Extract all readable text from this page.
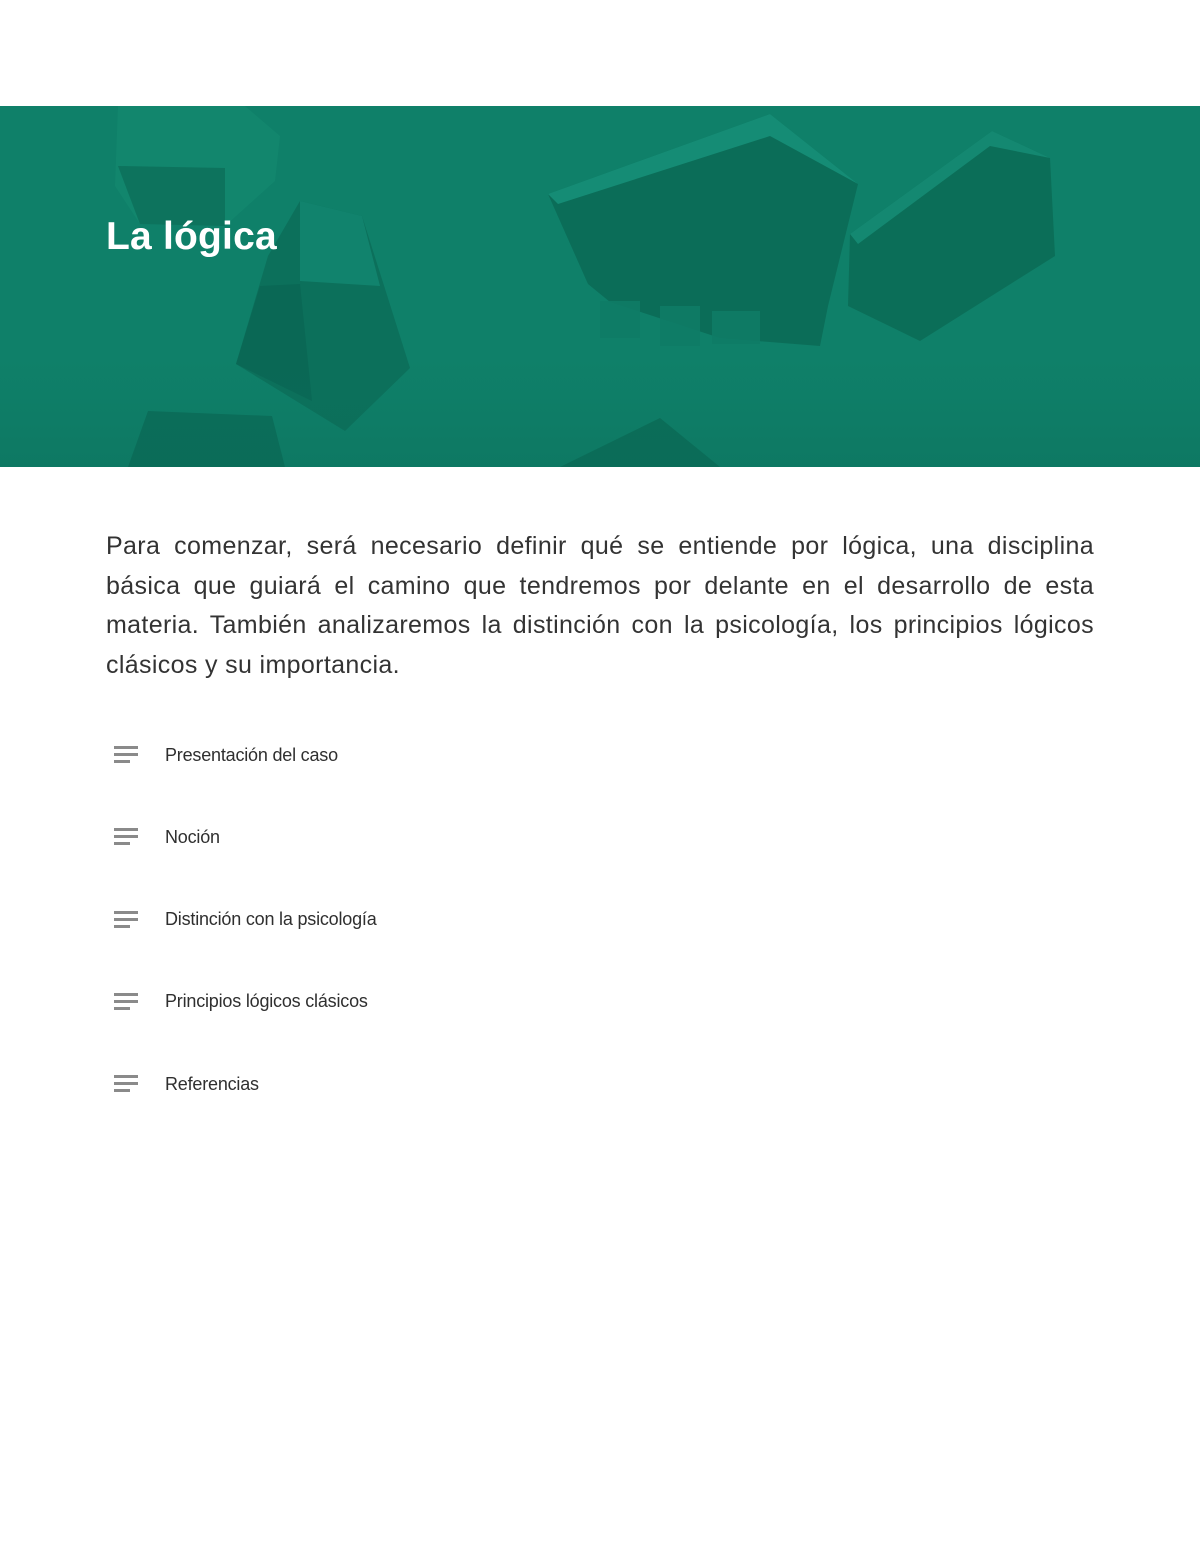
La lógica

Para comenzar, será necesario definir qué se entiende por lógica, una disciplina básica que guiará el camino que tendremos por delante en el desarrollo de esta materia. También analizaremos la distinción con la psicología, los principios lógicos clásicos y su importancia.

Presentación del caso
Noción
Distinción con la psicología
Principios lógicos clásicos
Referencias
